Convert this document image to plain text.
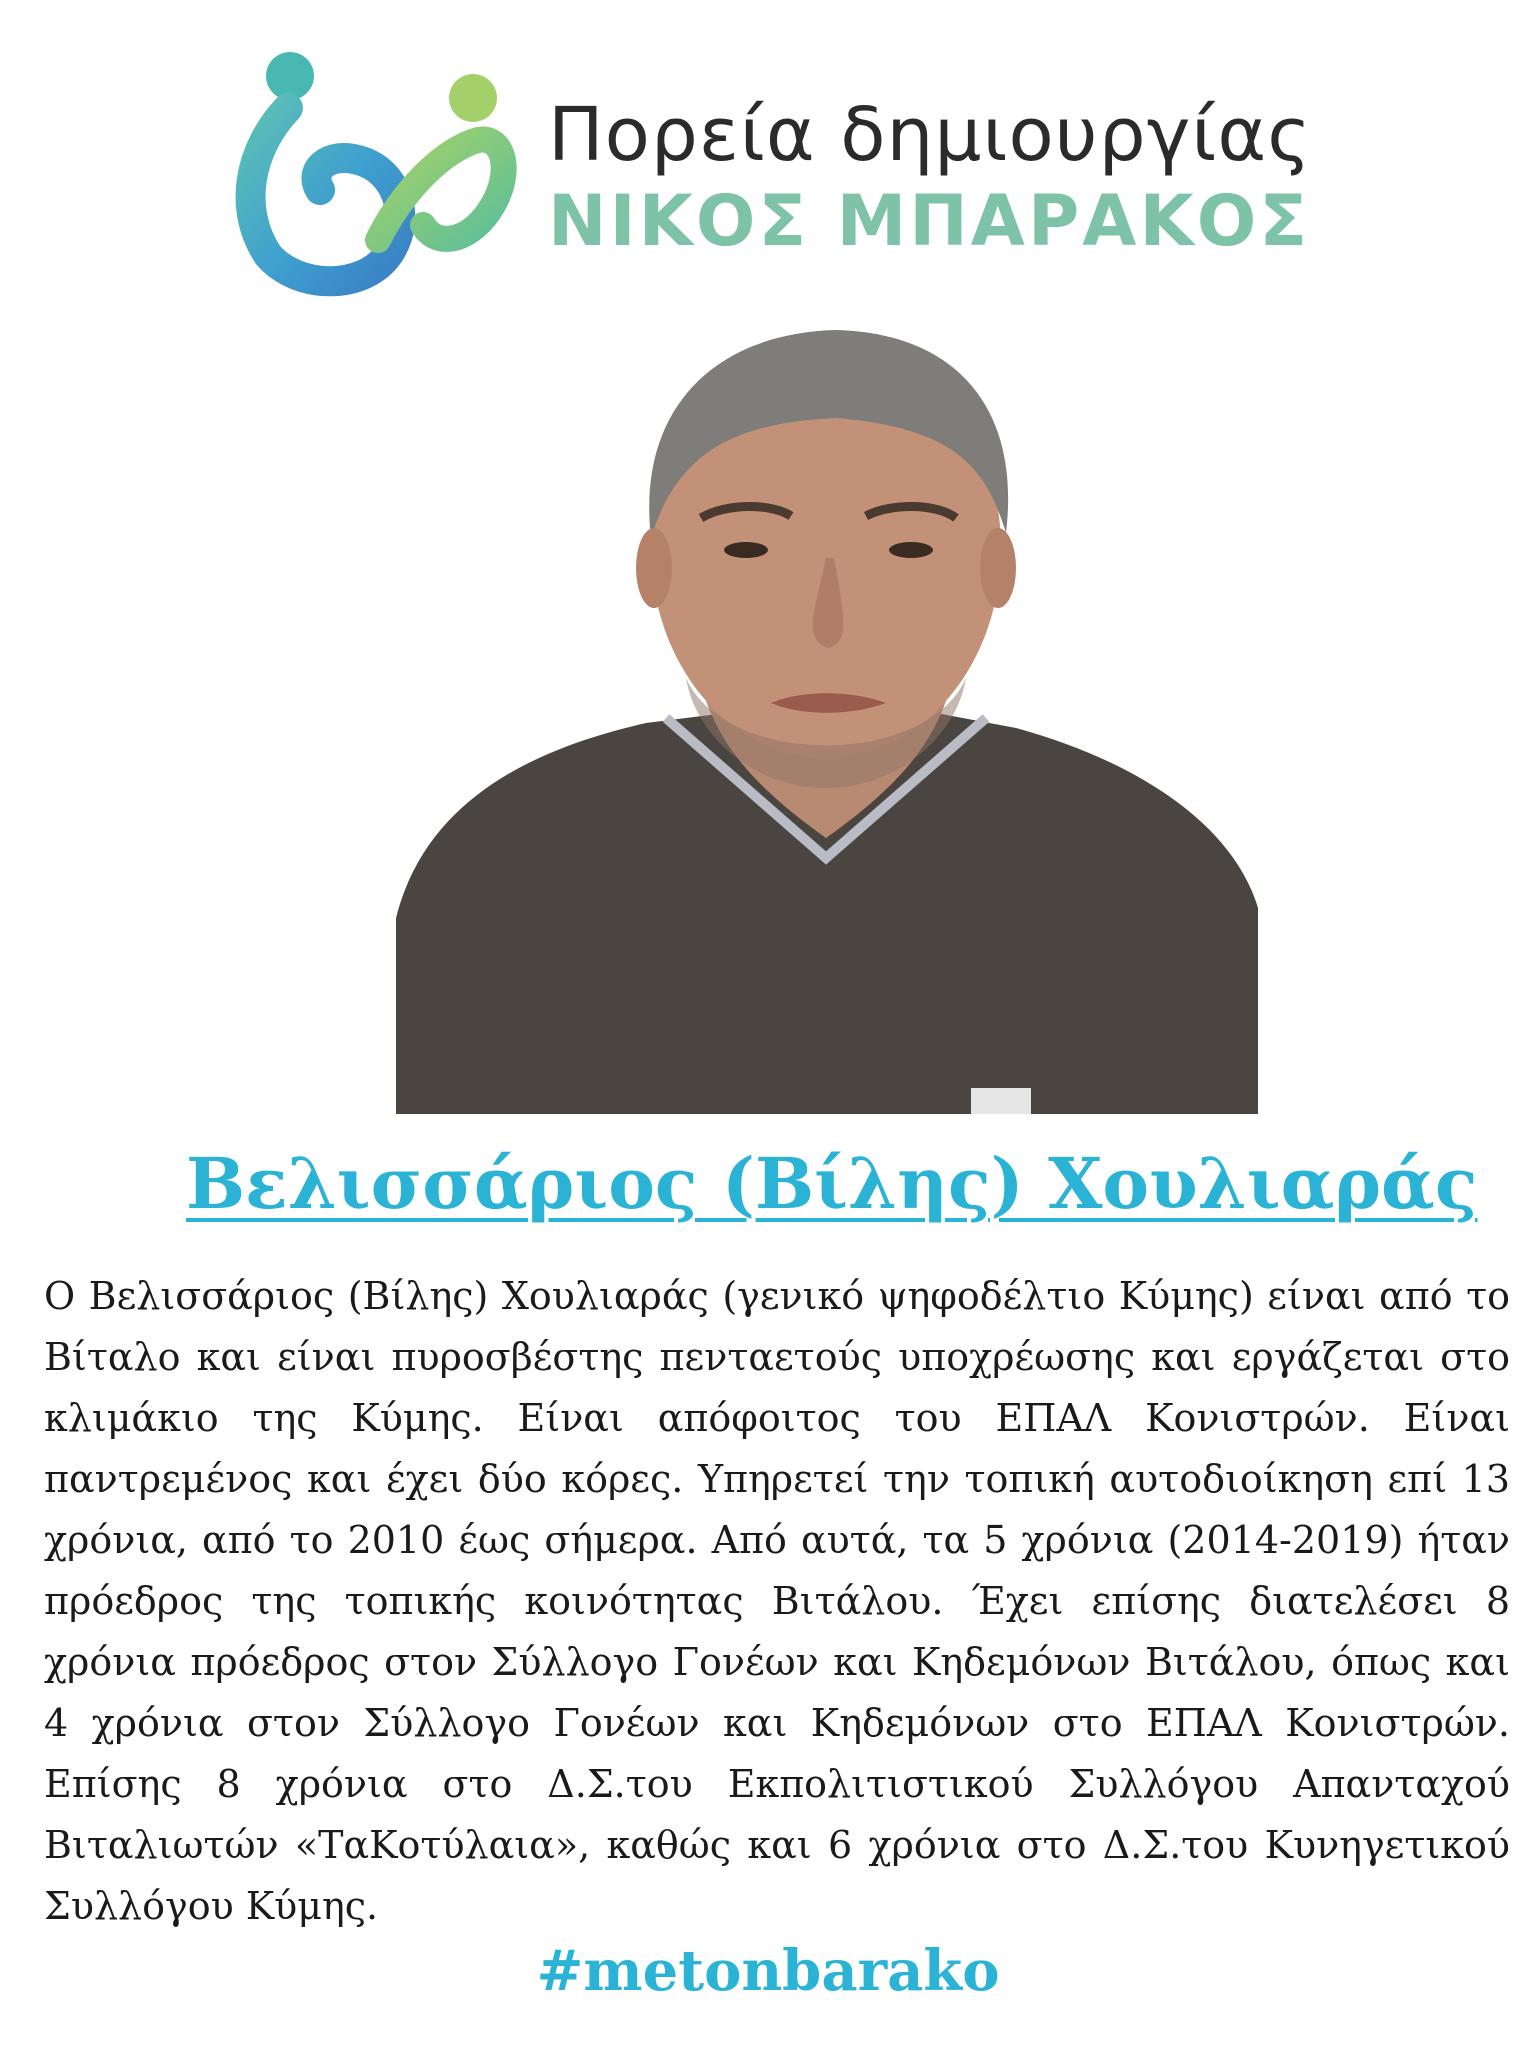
Πορεία δημιουργίας
ΝΙΚΟΣ ΜΠΑΡΑΚΟΣ
Βελισσάριος (Βίλης) Χουλιαράς

Ο Βελισσάριος (Βίλης) Χουλιαράς (γενικό ψηφοδέλτιο Κύμης) είναι από το Βίταλο και είναι πυροσβέστης πενταετούς υποχρέωσης και εργάζεται στο κλιμάκιο της Κύμης. Είναι απόφοιτος του ΕΠΑΛ Κονιστρών. Είναι παντρεμένος και έχει δύο κόρες. Υπηρετεί την τοπική αυτοδιοίκηση επί 13 χρόνια, από το 2010 έως σήμερα. Από αυτά, τα 5 χρόνια (2014-2019) ήταν πρόεδρος της τοπικής κοινότητας Βιτάλου. Έχει επίσης διατελέσει 8 χρόνια πρόεδρος στον Σύλλογο Γονέων και Κηδεμόνων Βιτάλου, όπως και 4 χρόνια στον Σύλλογο Γονέων και Κηδεμόνων στο ΕΠΑΛ Κονιστρών. Επίσης 8 χρόνια στο Δ.Σ.του Εκπολιτιστικού Συλλόγου Απανταχού Βιταλιωτών «ΤαΚοτύλαια», καθώς και 6 χρόνια στο Δ.Σ.του Κυνηγετικού Συλλόγου Κύμης.

#metonbarako
